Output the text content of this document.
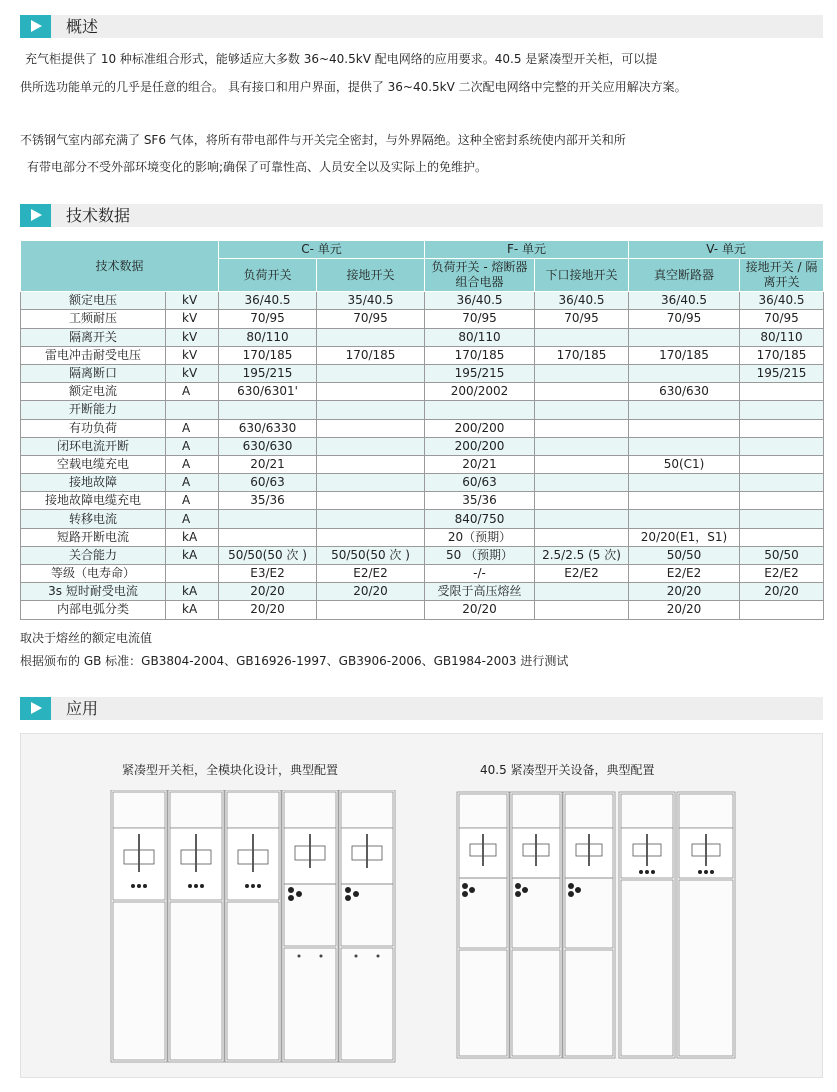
概述
充气柜提供了 10 种标准组合形式，能够适应大多数 36~40.5kV 配电网络的应用要求。40.5 是紧凑型开关柜，可以提
供所选功能单元的几乎是任意的组合。 具有接口和用户界面，提供了 36~40.5kV 二次配电网络中完整的开关应用解决方案。
不锈钢气室内部充满了 SF6 气体，将所有带电部件与开关完全密封，与外界隔绝。这种全密封系统使内部开关和所
有带电部分不受外部环境变化的影响;确保了可靠性高、人员安全以及实际上的免维护。
技术数据
技术数据		C- 单元		F- 单元		V- 单元	
		负荷开关	接地开关	负荷开关 - 熔断器组合电器	下口接地开关	真空断路器	接地开关 / 隔离开关
额定电压	kV	36/40.5	35/40.5	36/40.5	36/40.5	36/40.5	36/40.5
工频耐压	kV	70/95	70/95	70/95	70/95	70/95	70/95
隔离开关	kV	80/110		80/110			80/110
雷电冲击耐受电压	kV	170/185	170/185	170/185	170/185	170/185	170/185
隔离断口	kV	195/215		195/215			195/215
额定电流	A	630/6301'		200/2002		630/630	
开断能力							
有功负荷	A	630/6330		200/200			
闭环电流开断	A	630/630		200/200			
空载电缆充电	A	20/21		20/21		50(C1)	
接地故障	A	60/63		60/63			
接地故障电缆充电	A	35/36		35/36			
转移电流	A			840/750			
短路开断电流	kA			20（预期）		20/20(E1，S1)	
关合能力	kA	50/50(50 次 )	50/50(50 次 )	50 （预期）	2.5/2.5 (5 次)	50/50	50/50
等级（电寿命）		E3/E2	E2/E2	-/-	E2/E2	E2/E2	E2/E2
3s 短时耐受电流	kA	20/20	20/20	受限于高压熔丝		20/20	20/20
内部电弧分类	kA	20/20		20/20		20/20	
取决于熔丝的额定电流值
根据颁布的 GB 标准：GB3804-2004、GB16926-1997、GB3906-2006、GB1984-2003 进行测试
应用
紧凑型开关柜，全模块化设计，典型配置	40.5 紧凑型开关设备，典型配置
